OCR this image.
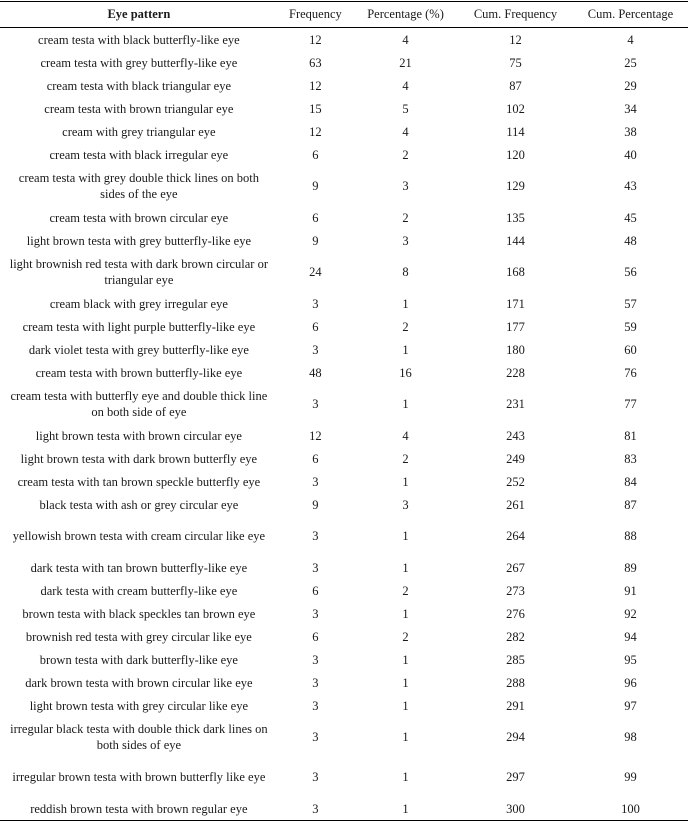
Eye pattern	Frequency	Percentage (%)	Cum. Frequency	Cum. Percentage
cream testa with black butterfly-like eye	12	4	12	4
cream testa with grey butterfly-like eye	63	21	75	25
cream testa with black triangular eye	12	4	87	29
cream testa with brown triangular eye	15	5	102	34
cream with grey triangular eye	12	4	114	38
cream testa with black irregular eye	6	2	120	40
cream testa with grey double thick lines on both sides of the eye	9	3	129	43
cream testa with brown circular eye	6	2	135	45
light brown testa with grey butterfly-like eye	9	3	144	48
light brownish red testa with dark brown circular or triangular eye	24	8	168	56
cream black with grey irregular eye	3	1	171	57
cream testa with light purple butterfly-like eye	6	2	177	59
dark violet testa with grey butterfly-like eye	3	1	180	60
cream testa with brown butterfly-like eye	48	16	228	76
cream testa with butterfly eye and double thick line on both side of eye	3	1	231	77
light brown testa with brown circular eye	12	4	243	81
light brown testa with dark brown butterfly eye	6	2	249	83
cream testa with tan brown speckle butterfly eye	3	1	252	84
black testa with ash or grey circular eye	9	3	261	87
yellowish brown testa with cream circular like eye	3	1	264	88
dark testa with tan brown butterfly-like eye	3	1	267	89
dark testa with cream butterfly-like eye	6	2	273	91
brown testa with black speckles tan brown eye	3	1	276	92
brownish red testa with grey circular like eye	6	2	282	94
brown testa with dark butterfly-like eye	3	1	285	95
dark brown testa with brown circular like eye	3	1	288	96
light brown testa with grey circular like eye	3	1	291	97
irregular black testa with double thick dark lines on both sides of eye	3	1	294	98
irregular brown testa with brown butterfly like eye	3	1	297	99
reddish brown testa with brown regular eye	3	1	300	100
